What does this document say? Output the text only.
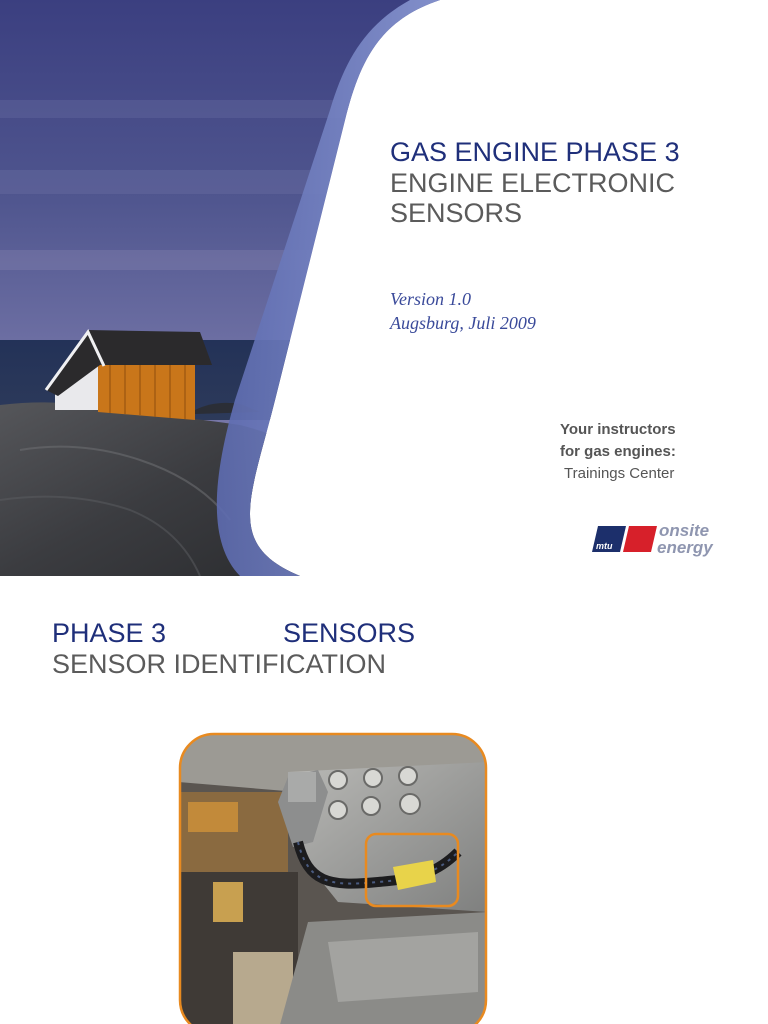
GAS ENGINE PHASE 3
ENGINE ELECTRONIC
SENSORS
Version 1.0
Augsburg, Juli 2009
Your instructors
for gas engines:
Trainings Center
mtu
onsite
energy
PHASE 3	SENSORS
SENSOR IDENTIFICATION
